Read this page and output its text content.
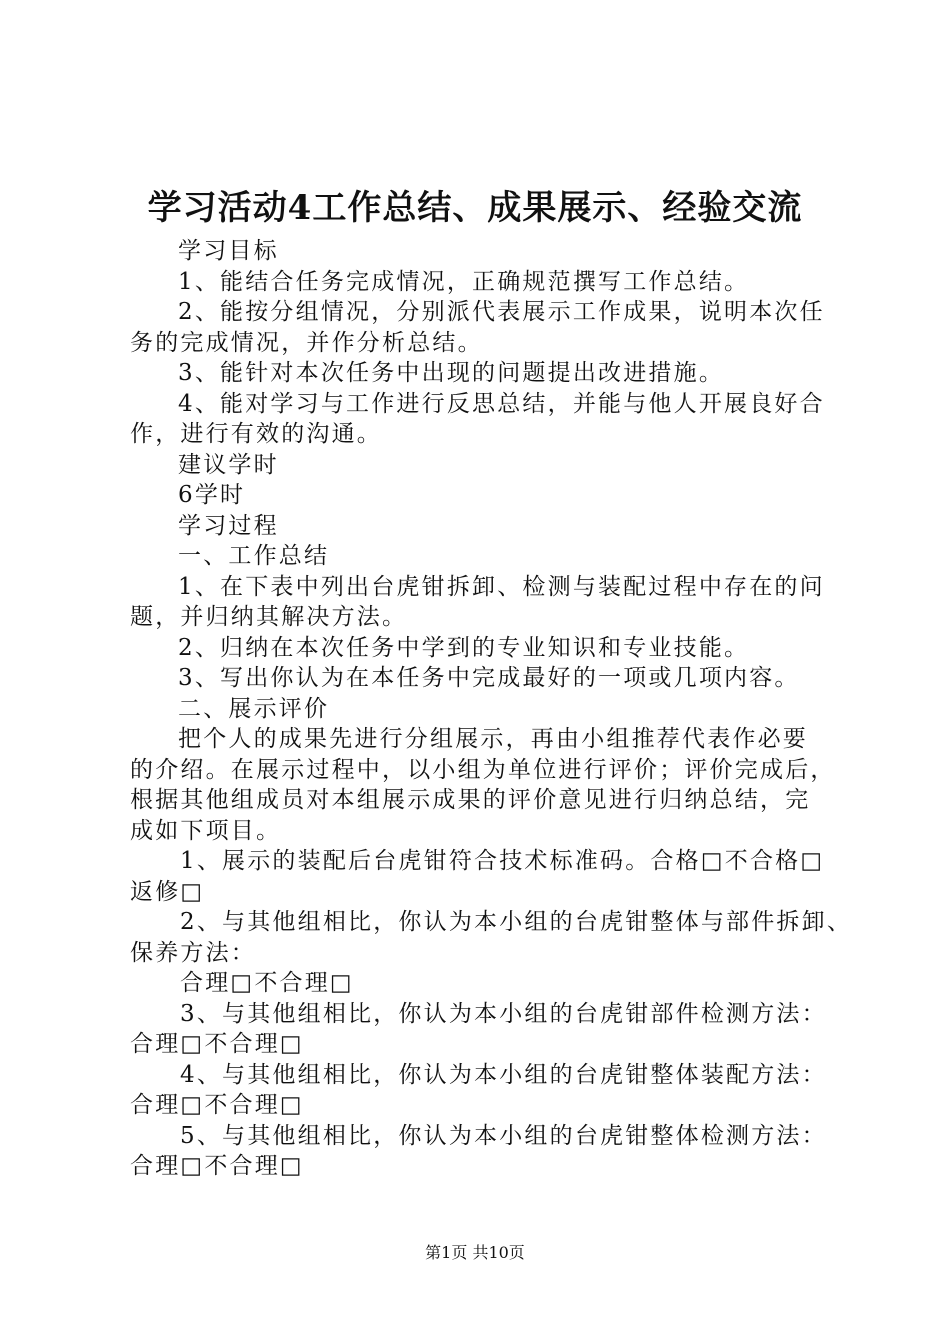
学习活动4工作总结、成果展示、经验交流
学习目标
1、能结合任务完成情况，正确规范撰写工作总结。
2、能按分组情况，分别派代表展示工作成果，说明本次任
务的完成情况，并作分析总结。
3、能针对本次任务中出现的问题提出改进措施。
4、能对学习与工作进行反思总结，并能与他人开展良好合
作，进行有效的沟通。
建议学时
6学时
学习过程
一、工作总结
1、在下表中列出台虎钳拆卸、检测与装配过程中存在的问
题，并归纳其解决方法。
2、归纳在本次任务中学到的专业知识和专业技能。
3、写出你认为在本任务中完成最好的一项或几项内容。
二、展示评价
把个人的成果先进行分组展示，再由小组推荐代表作必要
的介绍。在展示过程中，以小组为单位进行评价；评价完成后，
根据其他组成员对本组展示成果的评价意见进行归纳总结，完
成如下项目。
1、展示的装配后台虎钳符合技术标准码。合格□不合格□
返修□
2、与其他组相比，你认为本小组的台虎钳整体与部件拆卸、
保养方法：
合理□不合理□
3、与其他组相比，你认为本小组的台虎钳部件检测方法：
合理□不合理□
4、与其他组相比，你认为本小组的台虎钳整体装配方法：
合理□不合理□
5、与其他组相比，你认为本小组的台虎钳整体检测方法：
合理□不合理□
第1页 共10页
